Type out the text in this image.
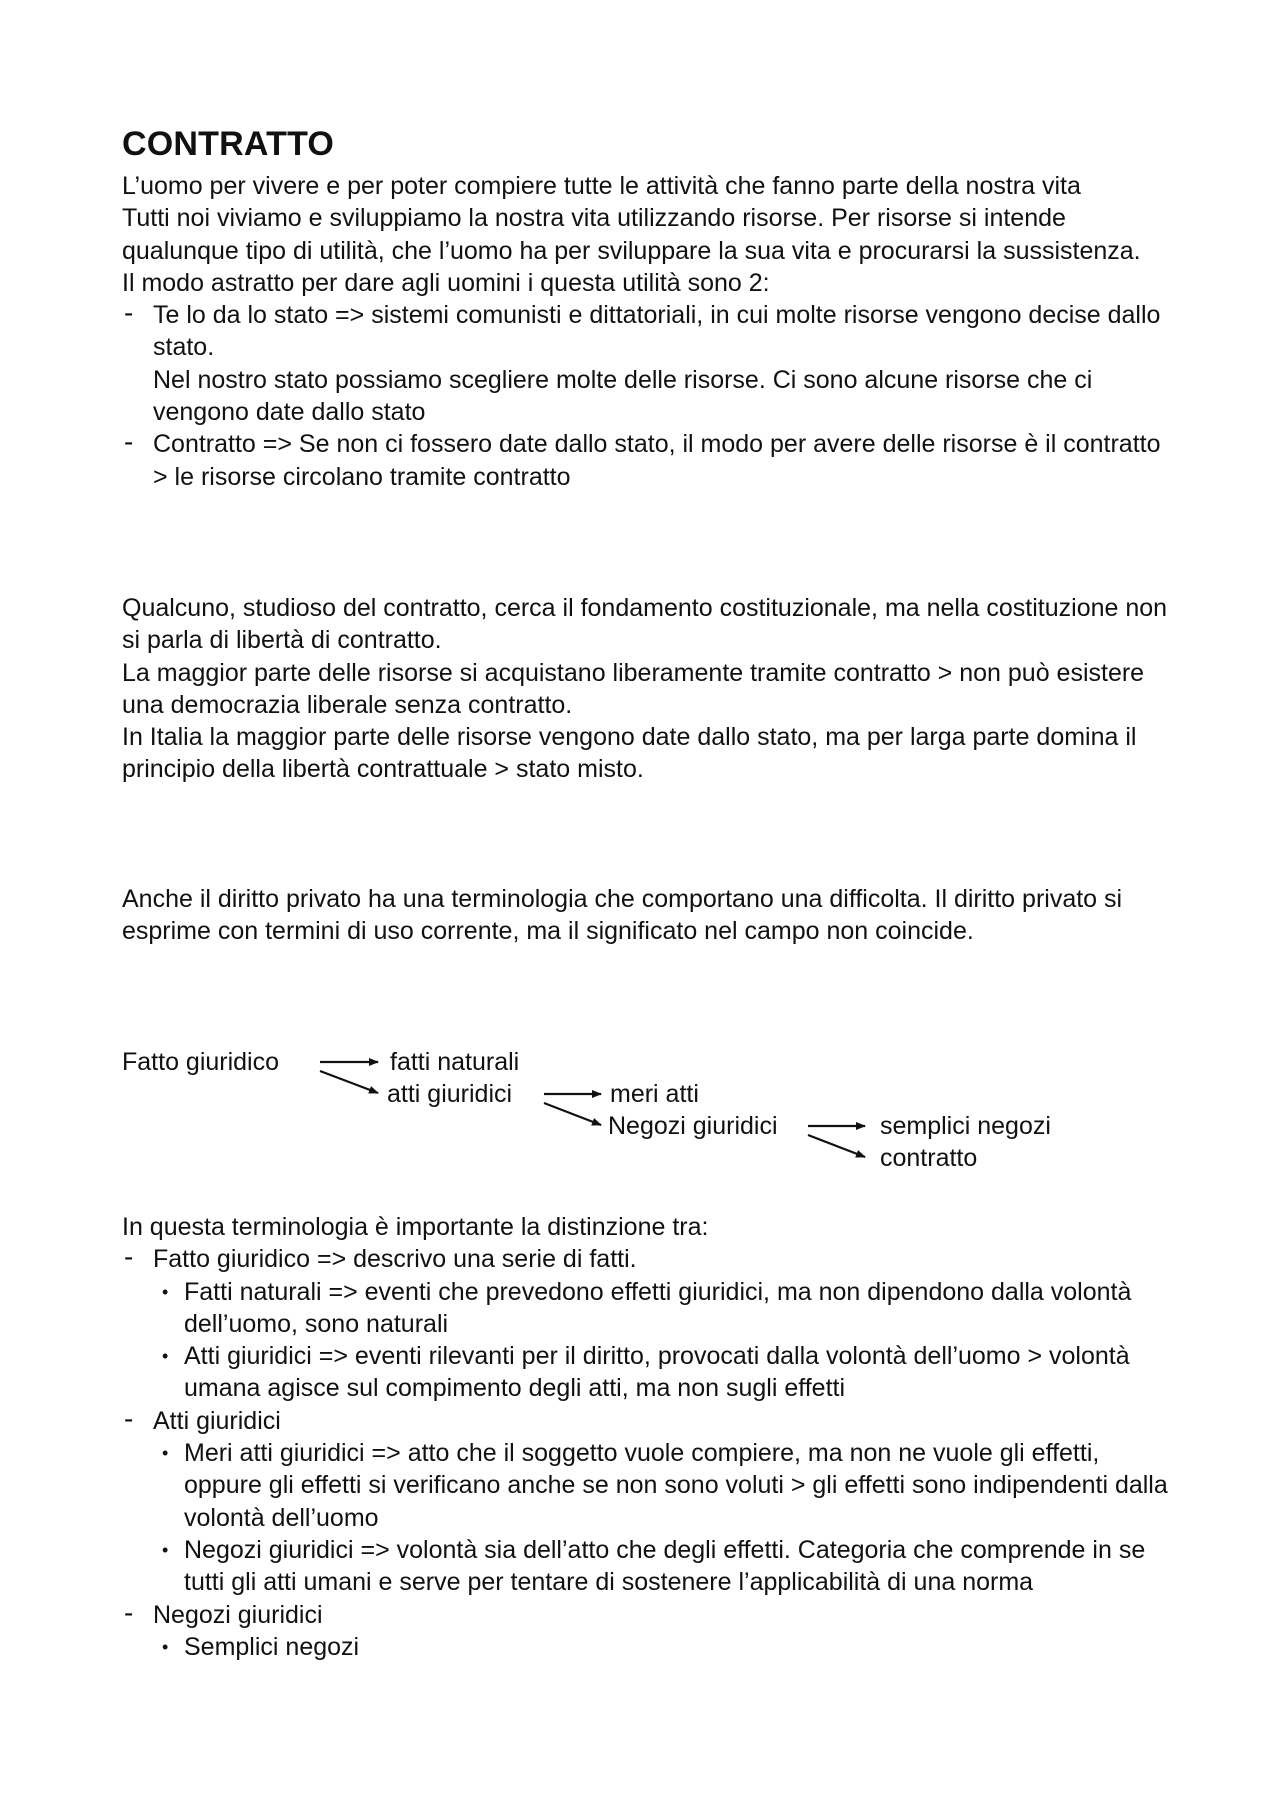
CONTRATTO

L’uomo per vivere e per poter compiere tutte le attività che fanno parte della nostra vita

Tutti noi viviamo e sviluppiamo la nostra vita utilizzando risorse. Per risorse si intende qualunque tipo di utilità, che l’uomo ha per sviluppare la sua vita e procurarsi la sussistenza.

Il modo astratto per dare agli uomini i questa utilità sono 2:

- Te lo da lo stato => sistemi comunisti e dittatoriali, in cui molte risorse vengono decise dallo stato.

Nel nostro stato possiamo scegliere molte delle risorse. Ci sono alcune risorse che ci vengono date dallo stato

- Contratto => Se non ci fossero date dallo stato, il modo per avere delle risorse è il contratto > le risorse circolano tramite contratto

Qualcuno, studioso del contratto, cerca il fondamento costituzionale, ma nella costituzione non si parla di libertà di contratto.

La maggior parte delle risorse si acquistano liberamente tramite contratto > non può esistere una democrazia liberale senza contratto.

In Italia la maggior parte delle risorse vengono date dallo stato, ma per larga parte domina il principio della libertà contrattuale > stato misto.

Anche il diritto privato ha una terminologia che comportano una difficolta. Il diritto privato si esprime con termini di uso corrente, ma il significato nel campo non coincide.

Fatto giuridico	fatti naturali
atti giuridici	meri atti
Negozi giuridici	semplici negozi
contratto

In questa terminologia è importante la distinzione tra:

- Fatto giuridico => descrivo una serie di fatti.
• Fatti naturali => eventi che prevedono effetti giuridici, ma non dipendono dalla volontà dell’uomo, sono naturali
• Atti giuridici => eventi rilevanti per il diritto, provocati dalla volontà dell’uomo > volontà umana agisce sul compimento degli atti, ma non sugli effetti
- Atti giuridici
• Meri atti giuridici => atto che il soggetto vuole compiere, ma non ne vuole gli effetti, oppure gli effetti si verificano anche se non sono voluti > gli effetti sono indipendenti dalla volontà dell’uomo
• Negozi giuridici => volontà sia dell’atto che degli effetti. Categoria che comprende in se tutti gli atti umani e serve per tentare di sostenere l’applicabilità di una norma
- Negozi giuridici
• Semplici negozi
